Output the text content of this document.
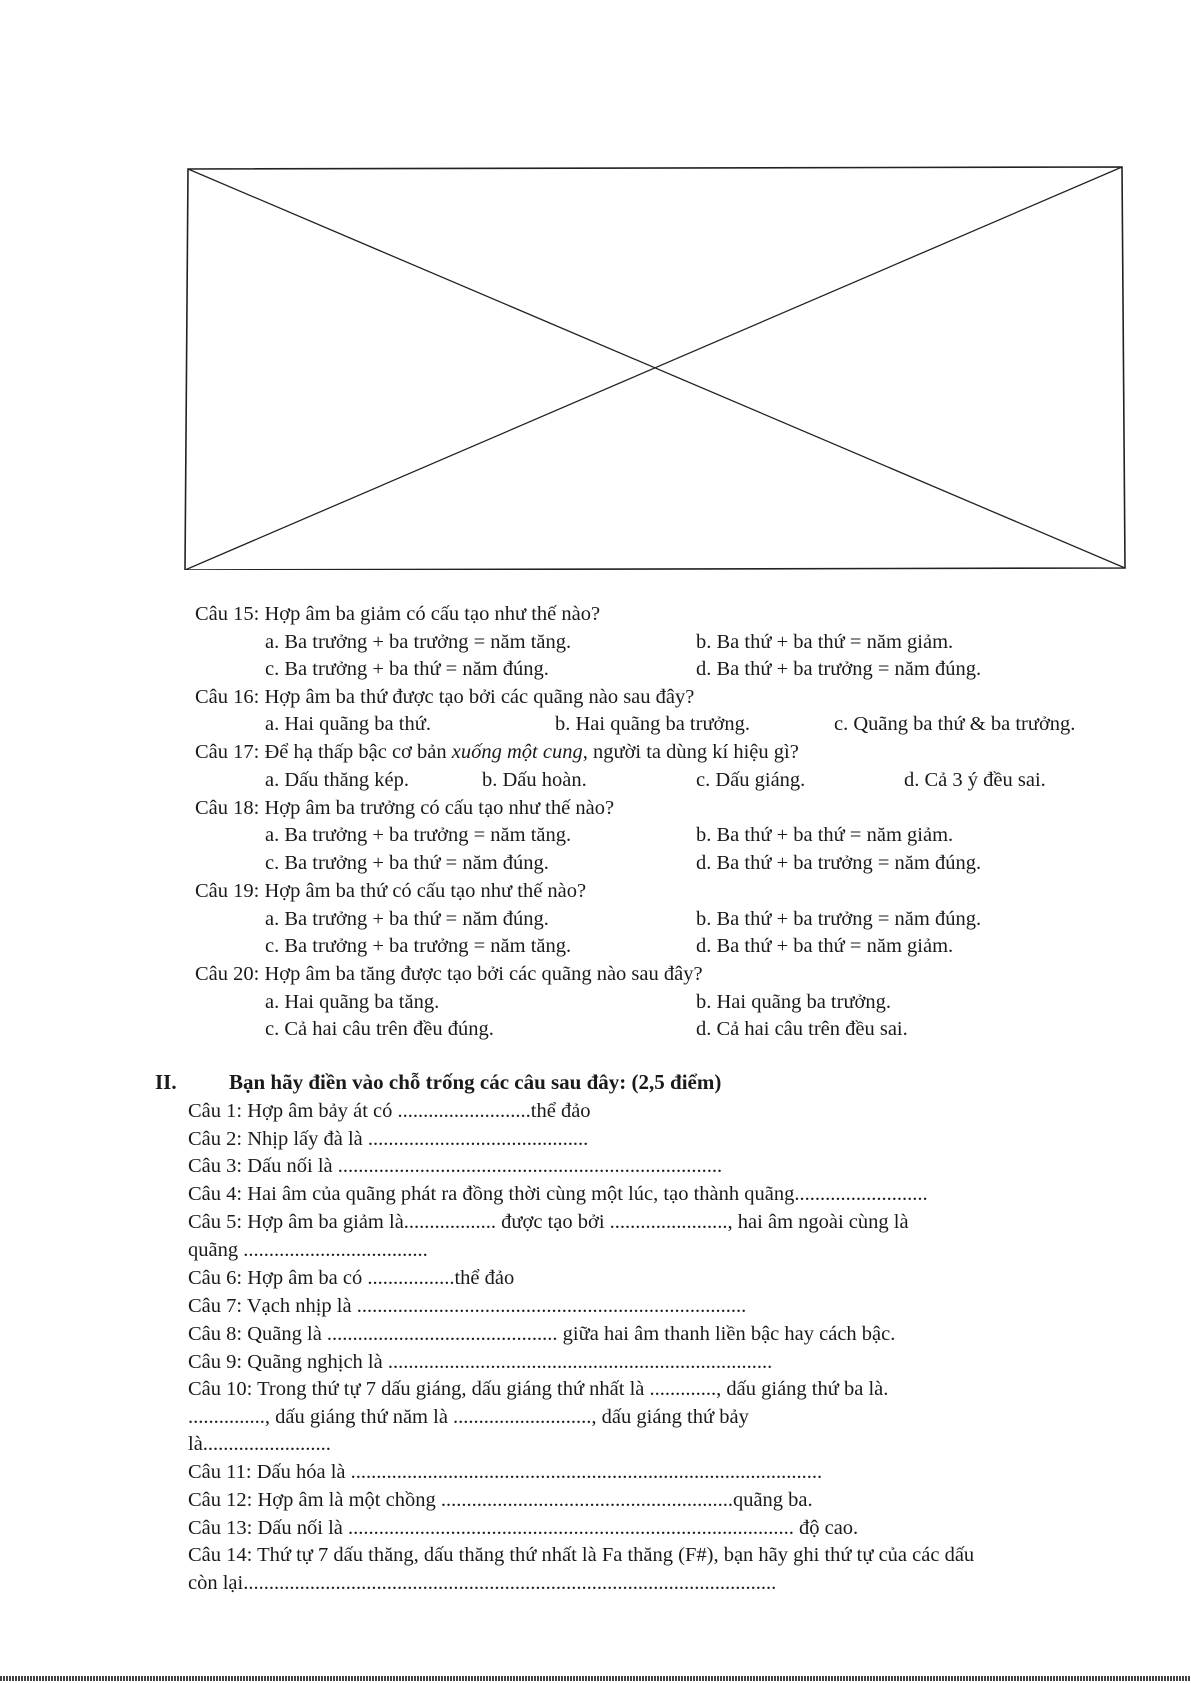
Câu 15: Hợp âm ba giảm có cấu tạo như thế nào?
a. Ba trưởng + ba trưởng = năm tăng.	b. Ba thứ + ba thứ = năm giảm.
c. Ba trưởng + ba thứ = năm đúng.	d. Ba thứ + ba trưởng = năm đúng.
Câu 16: Hợp âm ba thứ được tạo bởi các quãng nào sau đây?
a. Hai quãng ba thứ.	b. Hai quãng ba trưởng.	c. Quãng ba thứ & ba trưởng.
Câu 17: Để hạ thấp bậc cơ bản xuống một cung, người ta dùng kí hiệu gì?
a. Dấu thăng kép.	b. Dấu hoàn.	c. Dấu giáng.	d. Cả 3 ý đều sai.
Câu 18: Hợp âm ba trưởng có cấu tạo như thế nào?
a. Ba trưởng + ba trưởng = năm tăng.	b. Ba thứ + ba thứ = năm giảm.
c. Ba trưởng + ba thứ = năm đúng.	d. Ba thứ + ba trưởng = năm đúng.
Câu 19: Hợp âm ba thứ có cấu tạo như thế nào?
a. Ba trưởng + ba thứ = năm đúng.	b. Ba thứ + ba trưởng = năm đúng.
c. Ba trưởng + ba trưởng = năm tăng.	d. Ba thứ + ba thứ = năm giảm.
Câu 20: Hợp âm ba tăng được tạo bởi các quãng nào sau đây?
a. Hai quãng ba tăng.	b. Hai quãng ba trưởng.
c. Cả hai câu trên đều đúng.	d. Cả hai câu trên đều sai.
II. Bạn hãy điền vào chỗ trống các câu sau đây: (2,5 điểm)
Câu 1: Hợp âm bảy át có ..........................thể đảo
Câu 2: Nhịp lấy đà là ...........................................
Câu 3: Dấu nối là ...........................................................................
Câu 4: Hai âm của quãng phát ra đồng thời cùng một lúc, tạo thành quãng..........................
Câu 5: Hợp âm ba giảm là.................. được tạo bởi ......................., hai âm ngoài cùng là
quãng ....................................
Câu 6: Hợp âm ba có .................thể đảo
Câu 7: Vạch nhịp là ............................................................................
Câu 8: Quãng là ............................................. giữa hai âm thanh liền bậc hay cách bậc.
Câu 9: Quãng nghịch là ...........................................................................
Câu 10: Trong thứ tự 7 dấu giáng, dấu giáng thứ nhất là ............., dấu giáng thứ ba là.
..............., dấu giáng thứ năm là ..........................., dấu giáng thứ bảy
là.........................
Câu 11: Dấu hóa là ............................................................................................
Câu 12: Hợp âm là một chồng .........................................................quãng ba.
Câu 13: Dấu nối là ....................................................................................... độ cao.
Câu 14: Thứ tự 7 dấu thăng, dấu thăng thứ nhất là Fa thăng (F#), bạn hãy ghi thứ tự của các dấu
còn lại........................................................................................................
